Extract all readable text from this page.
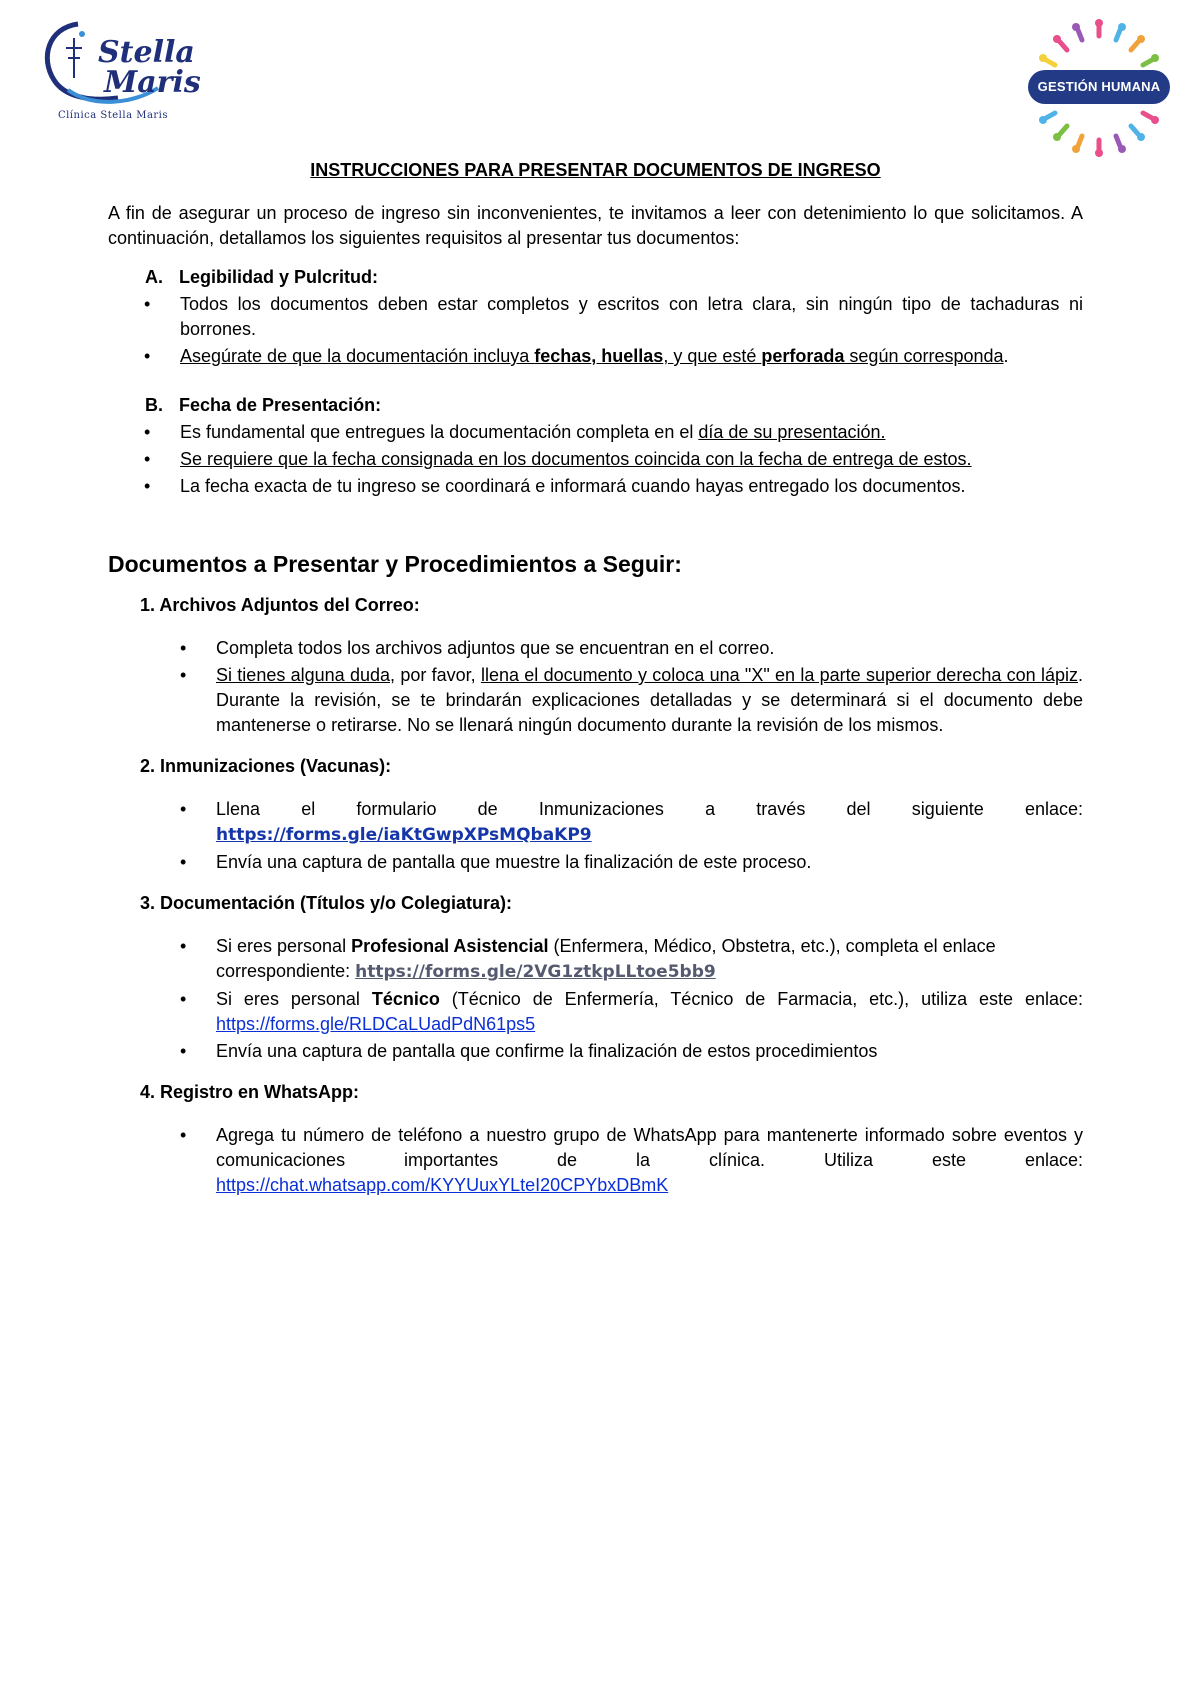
Stella
Maris
Clínica Stella Maris
GESTIÓN HUMANA

INSTRUCCIONES PARA PRESENTAR DOCUMENTOS DE INGRESO

A fin de asegurar un proceso de ingreso sin inconvenientes, te invitamos a leer con detenimiento lo que solicitamos. A continuación, detallamos los siguientes requisitos al presentar tus documentos:

A. Legibilidad y Pulcritud:
• Todos los documentos deben estar completos y escritos con letra clara, sin ningún tipo de tachaduras ni borrones.
• Asegúrate de que la documentación incluya fechas, huellas, y que esté perforada según corresponda.
B. Fecha de Presentación:
• Es fundamental que entregues la documentación completa en el día de su presentación.
• Se requiere que la fecha consignada en los documentos coincida con la fecha de entrega de estos.
• La fecha exacta de tu ingreso se coordinará e informará cuando hayas entregado los documentos.

Documentos a Presentar y Procedimientos a Seguir:

1. Archivos Adjuntos del Correo:

• Completa todos los archivos adjuntos que se encuentran en el correo.
• Si tienes alguna duda, por favor, llena el documento y coloca una "X" en la parte superior derecha con lápiz. Durante la revisión, se te brindarán explicaciones detalladas y se determinará si el documento debe mantenerse o retirarse. No se llenará ningún documento durante la revisión de los mismos.

2. Inmunizaciones (Vacunas):

• Llena el formulario de Inmunizaciones a través del siguiente enlace: https://forms.gle/iaKtGwpXPsMQbaKP9
• Envía una captura de pantalla que muestre la finalización de este proceso.

3. Documentación (Títulos y/o Colegiatura):

• Si eres personal Profesional Asistencial (Enfermera, Médico, Obstetra, etc.), completa el enlace correspondiente: https://forms.gle/2VG1ztkpLLtoe5bb9
• Si eres personal Técnico (Técnico de Enfermería, Técnico de Farmacia, etc.), utiliza este enlace: https://forms.gle/RLDCaLUadPdN61ps5
• Envía una captura de pantalla que confirme la finalización de estos procedimientos

4. Registro en WhatsApp:

• Agrega tu número de teléfono a nuestro grupo de WhatsApp para mantenerte informado sobre eventos y comunicaciones importantes de la clínica. Utiliza este enlace: https://chat.whatsapp.com/KYYUuxYLteI20CPYbxDBmK
